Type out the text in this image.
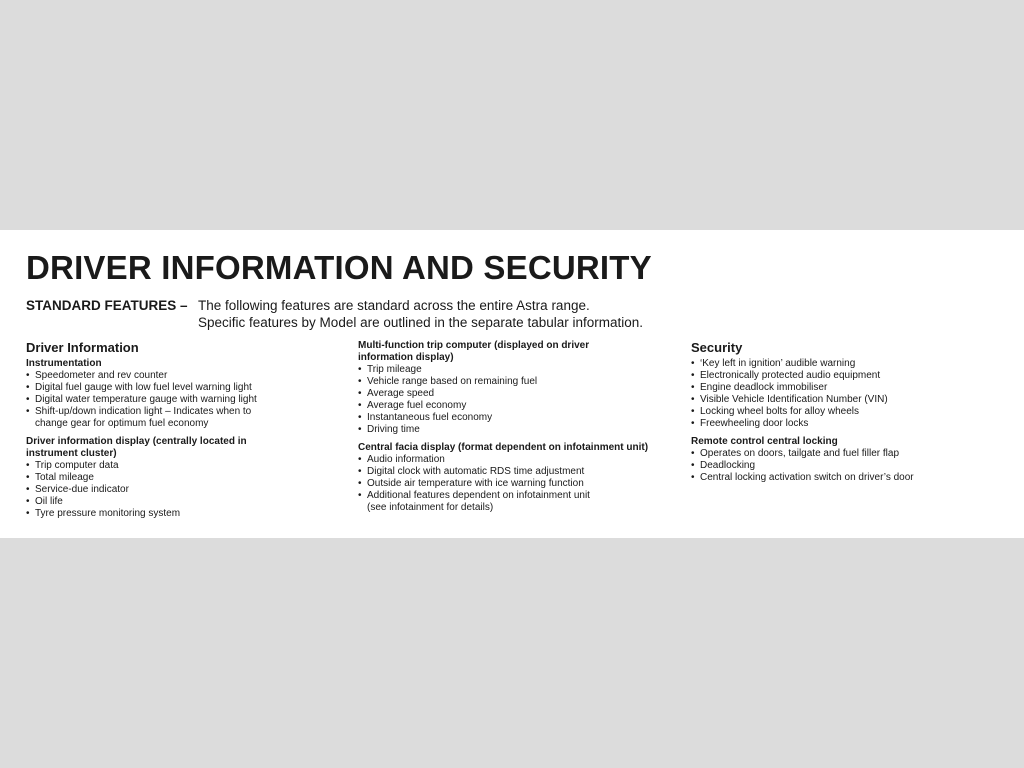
DRIVER INFORMATION AND SECURITY
STANDARD FEATURES – The following features are standard across the entire Astra range.
Specific features by Model are outlined in the separate tabular information.
Driver Information
Instrumentation
• Speedometer and rev counter
• Digital fuel gauge with low fuel level warning light
• Digital water temperature gauge with warning light
• Shift-up/down indication light – Indicates when to
change gear for optimum fuel economy
Driver information display (centrally located in
instrument cluster)
• Trip computer data
• Total mileage
• Service-due indicator
• Oil life
• Tyre pressure monitoring system
Multi-function trip computer (displayed on driver
information display)
• Trip mileage
• Vehicle range based on remaining fuel
• Average speed
• Average fuel economy
• Instantaneous fuel economy
• Driving time
Central facia display (format dependent on infotainment unit)
• Audio information
• Digital clock with automatic RDS time adjustment
• Outside air temperature with ice warning function
• Additional features dependent on infotainment unit
(see infotainment for details)
Security
• ‘Key left in ignition’ audible warning
• Electronically protected audio equipment
• Engine deadlock immobiliser
• Visible Vehicle Identification Number (VIN)
• Locking wheel bolts for alloy wheels
• Freewheeling door locks
Remote control central locking
• Operates on doors, tailgate and fuel filler flap
• Deadlocking
• Central locking activation switch on driver’s door
